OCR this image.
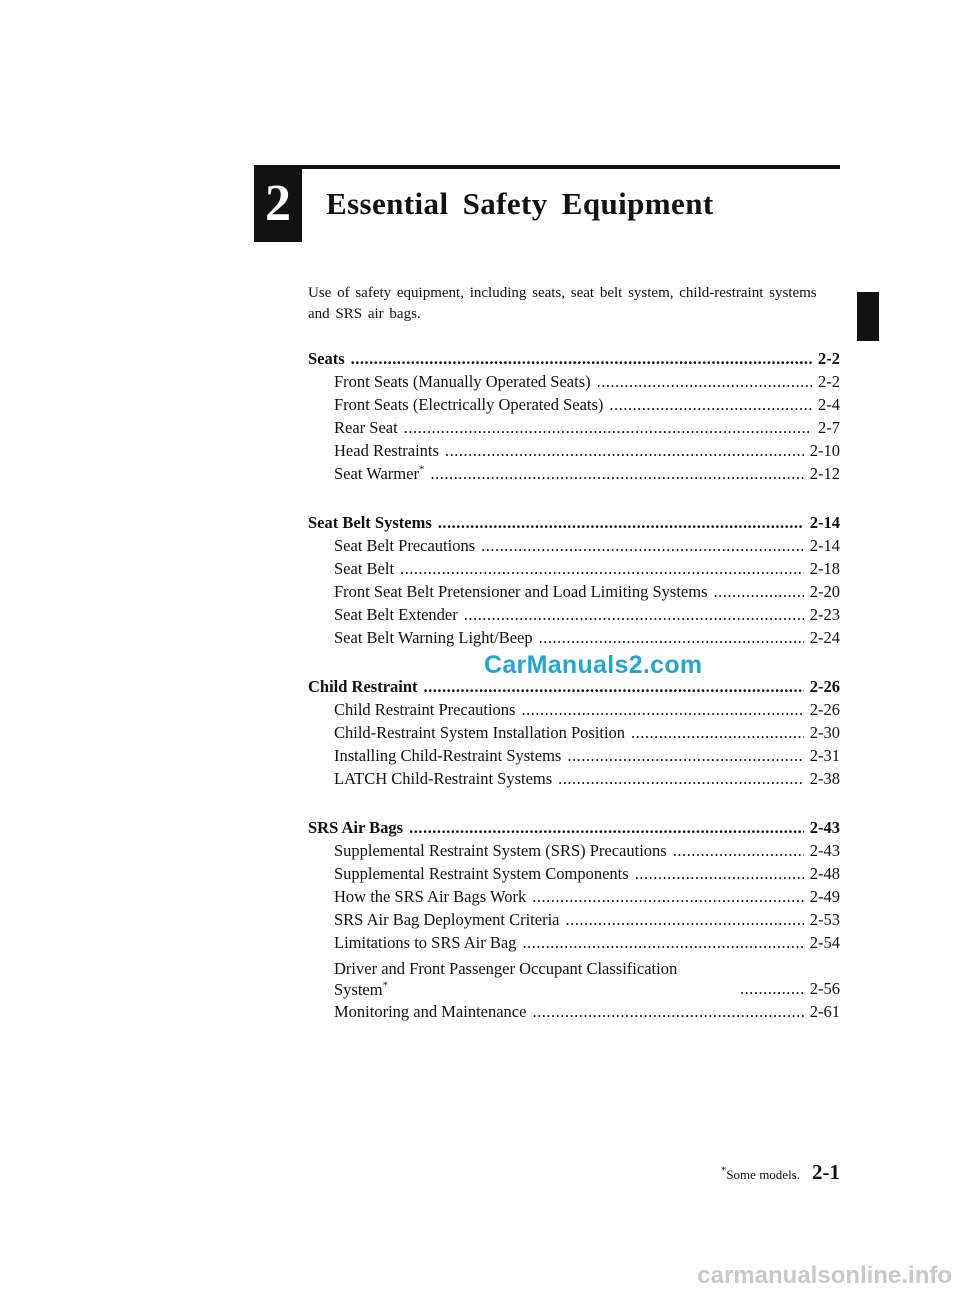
2 Essential Safety Equipment
Use of safety equipment, including seats, seat belt system, child-restraint systems and SRS air bags.
Seats .....	2-2
Front Seats (Manually Operated Seats) .....	2-2
Front Seats (Electrically Operated Seats) .....	2-4
Rear Seat .....	2-7
Head Restraints .....	2-10
Seat Warmer* .....	2-12
Seat Belt Systems .....	2-14
Seat Belt Precautions .....	2-14
Seat Belt .....	2-18
Front Seat Belt Pretensioner and Load Limiting Systems .....	2-20
Seat Belt Extender .....	2-23
Seat Belt Warning Light/Beep .....	2-24
Child Restraint .....	2-26
Child Restraint Precautions .....	2-26
Child-Restraint System Installation Position .....	2-30
Installing Child-Restraint Systems .....	2-31
LATCH Child-Restraint Systems .....	2-38
SRS Air Bags .....	2-43
Supplemental Restraint System (SRS) Precautions .....	2-43
Supplemental Restraint System Components .....	2-48
How the SRS Air Bags Work .....	2-49
SRS Air Bag Deployment Criteria .....	2-53
Limitations to SRS Air Bag .....	2-54
Driver and Front Passenger Occupant Classification System* .....	2-56
Monitoring and Maintenance .....	2-61
CarManuals2.com
*Some models. 2-1
carmanualsonline.info
